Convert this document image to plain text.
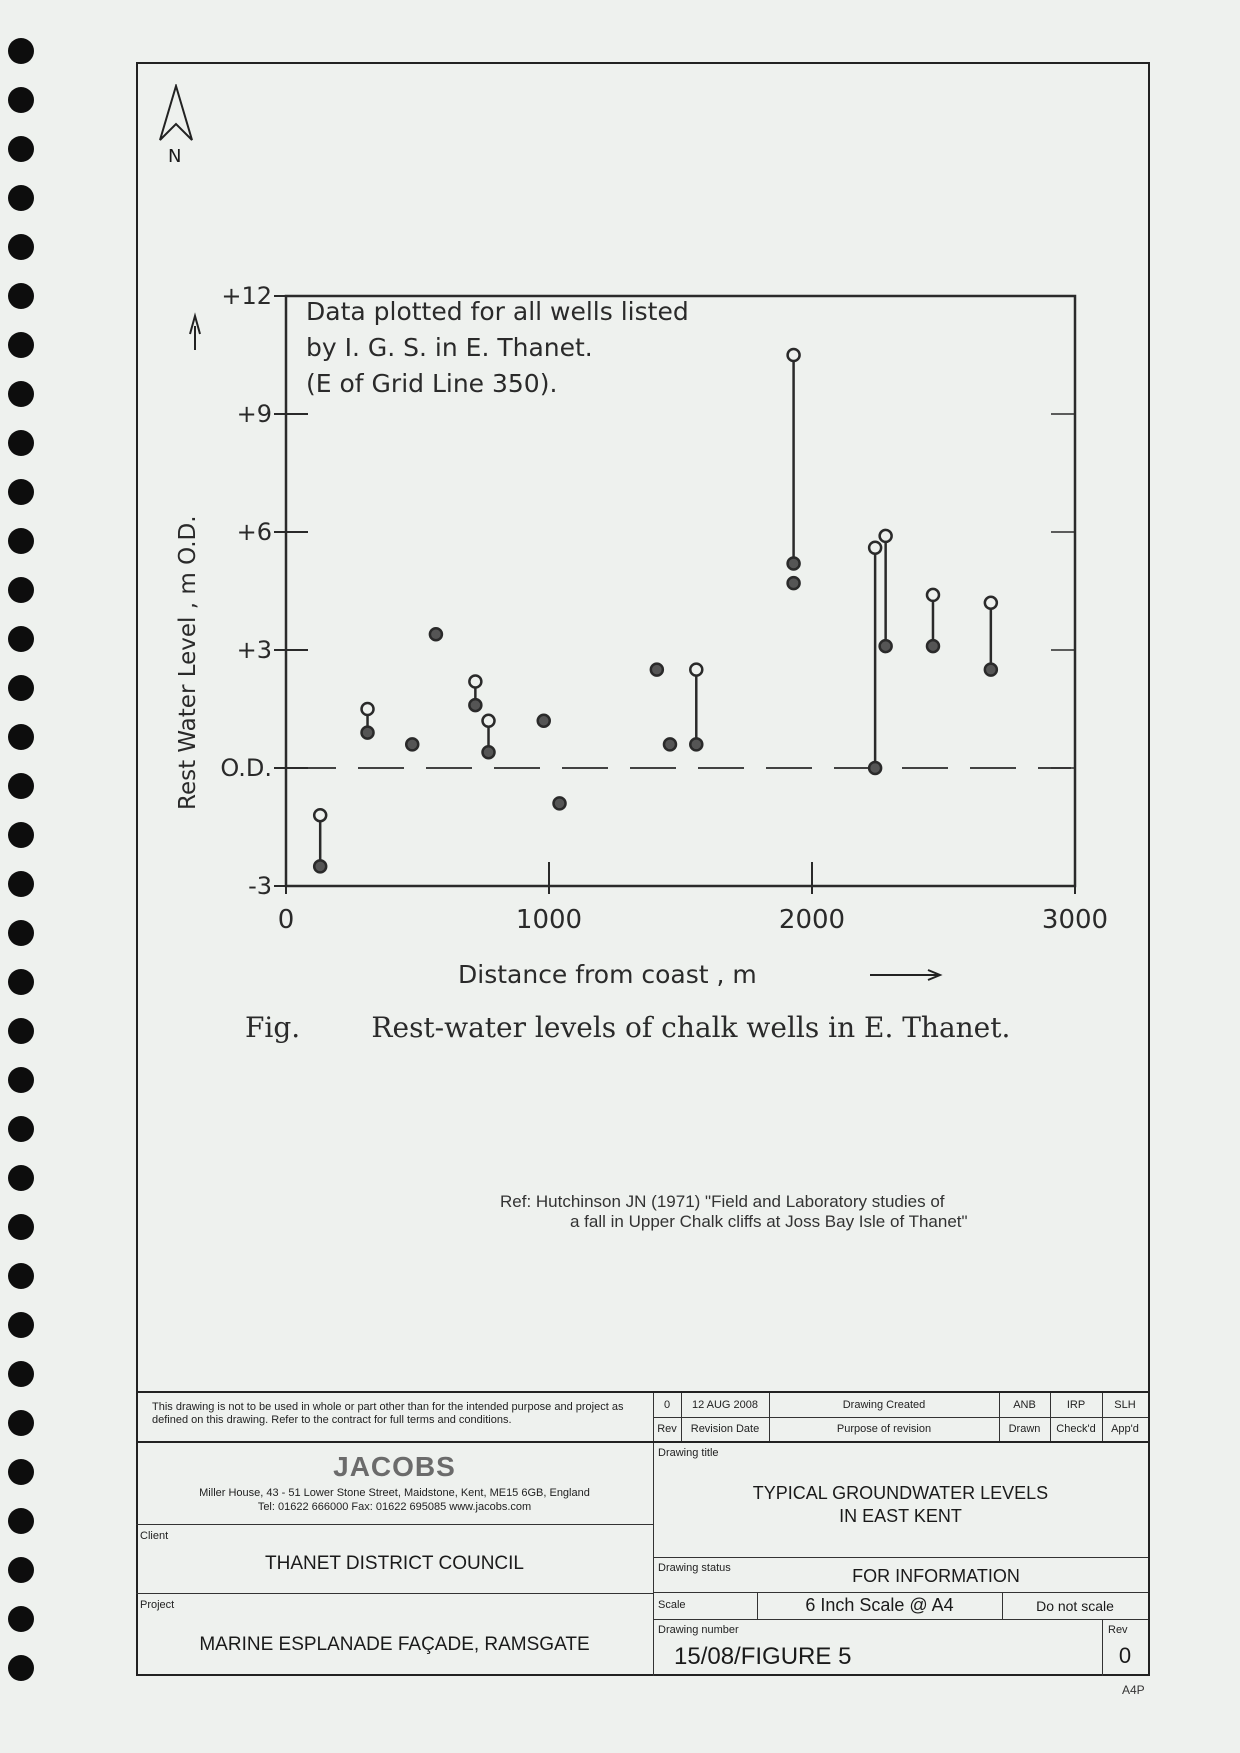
N
+12
+9
+6
+3
O.D.
-3
0	1000	2000	3000
Data plotted for all wells listed
by I. G. S. in E. Thanet.
(E of Grid Line 350).
Rest Water Level , m O.D.
Distance from coast , m
Fig.        Rest-water levels of chalk wells in E. Thanet.
Ref: Hutchinson JN (1971) "Field and Laboratory studies of
a fall in Upper Chalk cliffs at Joss Bay Isle of Thanet"
This drawing is not to be used in whole or part other than for the intended purpose and project as defined on this drawing. Refer to the contract for full terms and conditions.
0	12 AUG 2008	Drawing Created	ANB	IRP	SLH
Rev	Revision Date	Purpose of revision	Drawn	Check'd	App'd
JACOBS
Miller House, 43 - 51 Lower Stone Street, Maidstone, Kent, ME15 6GB, England
Tel: 01622 666000 Fax: 01622 695085 www.jacobs.com
Client
THANET DISTRICT COUNCIL
Project
MARINE ESPLANADE FAÇADE, RAMSGATE
Drawing title
TYPICAL GROUNDWATER LEVELS
IN EAST KENT
Drawing status	FOR INFORMATION
Scale	6 Inch Scale @ A4	Do not scale
Drawing number
15/08/FIGURE 5
Rev
0
A4P
